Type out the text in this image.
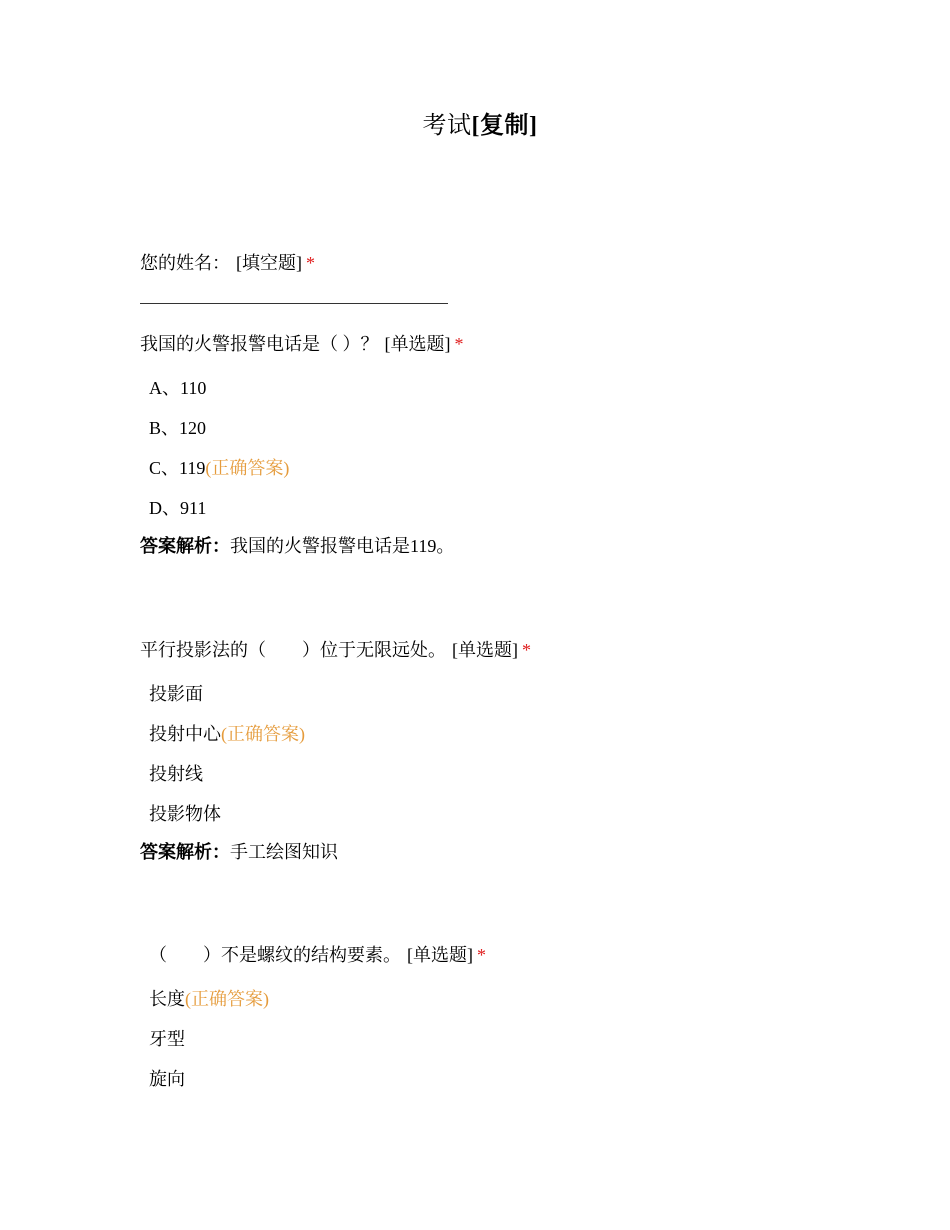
考试[复制]
您的姓名： [填空题] *
我国的火警报警电话是（ ）？ [单选题] *
A、110
B、120
C、119(正确答案)
D、911
答案解析：我国的火警报警电话是119。
平行投影法的（　　）位于无限远处。 [单选题] *
投影面
投射中心(正确答案)
投射线
投影物体
答案解析：手工绘图知识
（　　）不是螺纹的结构要素。 [单选题] *
长度(正确答案)
牙型
旋向
